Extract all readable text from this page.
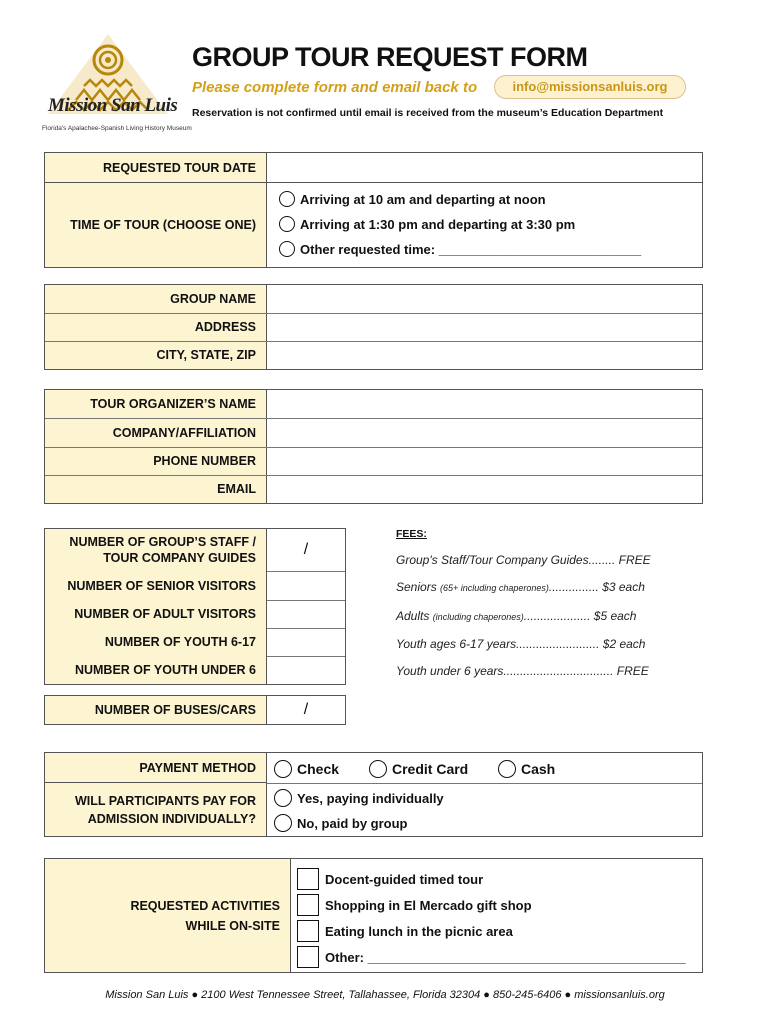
Mission San Luis
Florida's Apalachee-Spanish Living History Museum
GROUP TOUR REQUEST FORM
Please complete form and email back to	info@missionsanluis.org
Reservation is not confirmed until email is received from the museum’s Education Department
REQUESTED TOUR DATE
TIME OF TOUR (CHOOSE ONE)
Arriving at 10 am and departing at noon
Arriving at 1:30 pm and departing at 3:30 pm
Other requested time: ____________________________
GROUP NAME
ADDRESS
CITY, STATE, ZIP
TOUR ORGANIZER’S NAME
COMPANY/AFFILIATION
PHONE NUMBER
EMAIL
NUMBER OF GROUP’S STAFF /
TOUR COMPANY GUIDES	/
NUMBER OF SENIOR VISITORS
NUMBER OF ADULT VISITORS
NUMBER OF YOUTH 6-17
NUMBER OF YOUTH UNDER 6
NUMBER OF BUSES/CARS	/
FEES:
Group's Staff/Tour Company Guides........ FREE
Seniors (65+ including chaperones)............... $3 each
Adults (including chaperones).................... $5 each
Youth ages 6-17 years......................... $2 each
Youth under 6 years................................. FREE
PAYMENT METHOD	Check	Credit Card	Cash
WILL PARTICIPANTS PAY FOR
ADMISSION INDIVIDUALLY?
Yes, paying individually
No, paid by group
REQUESTED ACTIVITIES
WHILE ON-SITE
Docent-guided timed tour
Shopping in El Mercado gift shop
Eating lunch in the picnic area
Other: ____________________________________________
Mission San Luis ● 2100 West Tennessee Street, Tallahassee, Florida 32304 ● 850-245-6406 ● missionsanluis.org
